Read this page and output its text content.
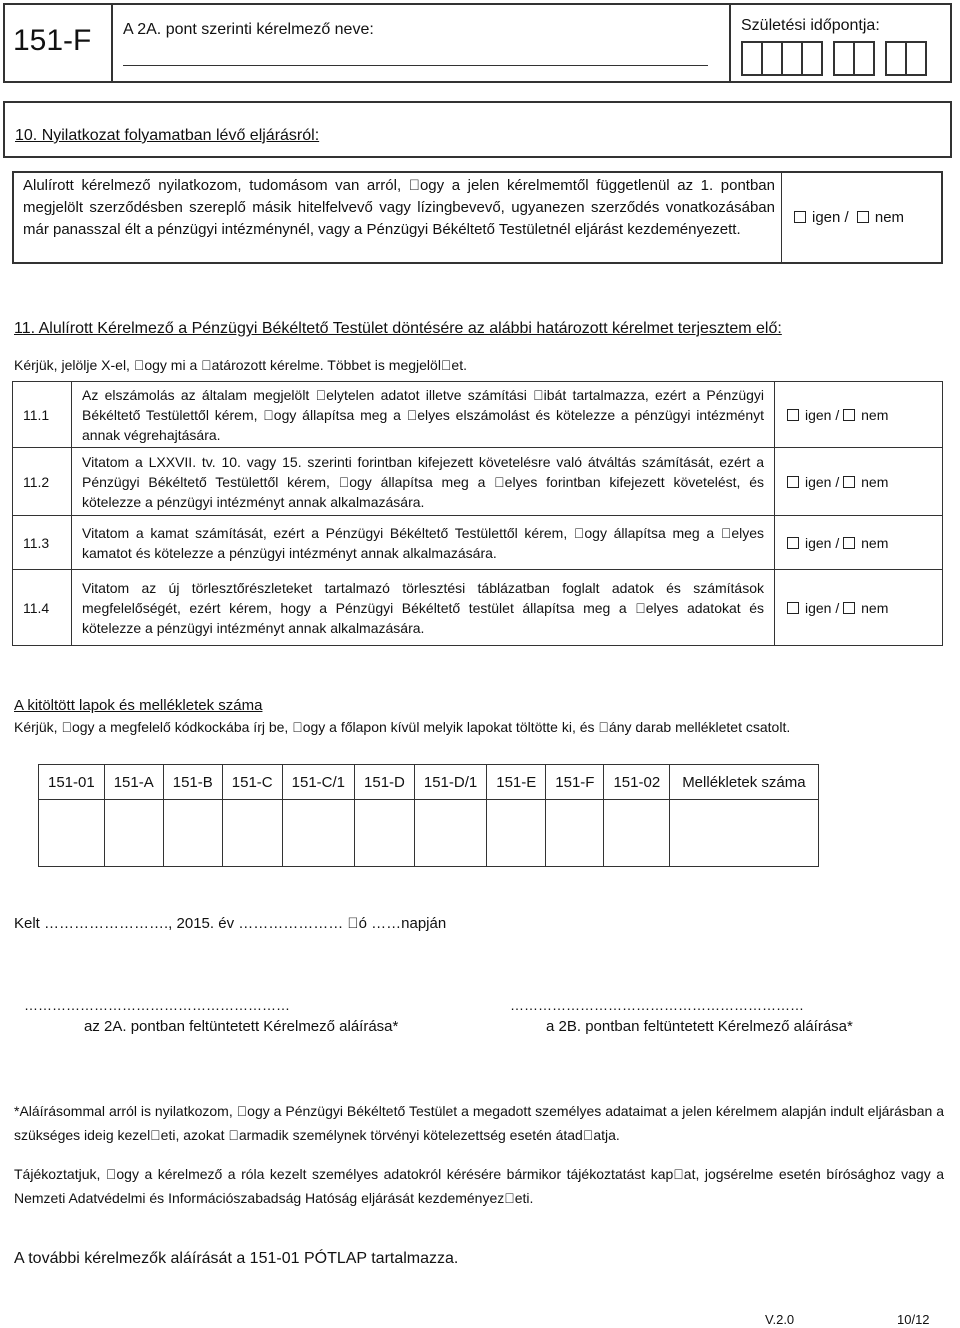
151-F	A 2A. pont szerinti kérelmező neve:	Születési időpontja:
10. Nyilatkozat folyamatban lévő eljárásról:
Alulírott kérelmező nyilatkozom, tudomásom van arról,  ogy a jelen kérelmemtől függetlenül az 1. pontban megjelölt szerződésben szereplő másik hitelfelvevő vagy lízingbevevő, ugyanezen szerződés vonatkozásában már panasszal élt a pénzügyi intézménynél, vagy a Pénzügyi Békéltető Testületnél eljárást kezdeményezett.
igen / nem
11. Alulírott Kérelmező a Pénzügyi Békéltető Testület döntésére az alábbi határozott kérelmet terjesztem elő:
Kérjük, jelölje X-el,  ogy mi a  atározott kérelme. Többet is megjelöl et.
11.1	Az elszámolás az általam megjelölt  elytelen adatot illetve számítási  ibát tartalmazza, ezért a Pénzügyi Békéltető Testülettől kérem,  ogy állapítsa meg a  elyes elszámolást és kötelezze a pénzügyi intézményt annak végrehajtására.	igen / nem
11.2	Vitatom a LXXVII. tv. 10. vagy 15. szerinti forintban kifejezett követelésre való átváltás számítását, ezért a Pénzügyi Békéltető Testülettől kérem,  ogy állapítsa meg a  elyes forintban kifejezett követelést, és kötelezze a pénzügyi intézményt annak alkalmazására.	igen / nem
11.3	Vitatom a kamat számítását, ezért a Pénzügyi Békéltető Testülettől kérem,  ogy állapítsa meg a  elyes kamatot és kötelezze a pénzügyi intézményt annak alkalmazására.	igen / nem
11.4	Vitatom az új törlesztőrészleteket tartalmazó törlesztési táblázatban foglalt adatok és számítások megfelelőségét, ezért kérem, hogy a Pénzügyi Békéltető testület állapítsa meg a  elyes adatokat és kötelezze a pénzügyi intézményt annak alkalmazására.	igen / nem
A kitöltött lapok és mellékletek száma
Kérjük,  ogy a megfelelő kódkockába írj be,  ogy a főlapon kívül melyik lapokat töltötte ki, és  ány darab mellékletet csatolt.
151-01	151-A	151-B	151-C	151-C/1	151-D	151-D/1	151-E	151-F	151-02	Mellékletek száma

Kelt ……………………., 2015. év …………………  ó ……napján
…………………………………………………	………………………………………………………
az 2A. pontban feltüntetett Kérelmező aláírása*	a 2B. pontban feltüntetett Kérelmező aláírása*
*Aláírásommal arról is nyilatkozom,  ogy a Pénzügyi Békéltető Testület a megadott személyes adataimat a jelen kérelmem alapján indult eljárásban a szükséges ideig kezel eti, azokat  armadik személynek törvényi kötelezettség esetén átad atja.
Tájékoztatjuk,  ogy a kérelmező a róla kezelt személyes adatokról kérésére bármikor tájékoztatást kap at, jogsérelme esetén bírósághoz vagy a Nemzeti Adatvédelmi és Információszabadság Hatóság eljárását kezdeményez eti.
A további kérelmezők aláírását a 151-01 PÓTLAP tartalmazza.
V.2.0	10/12
